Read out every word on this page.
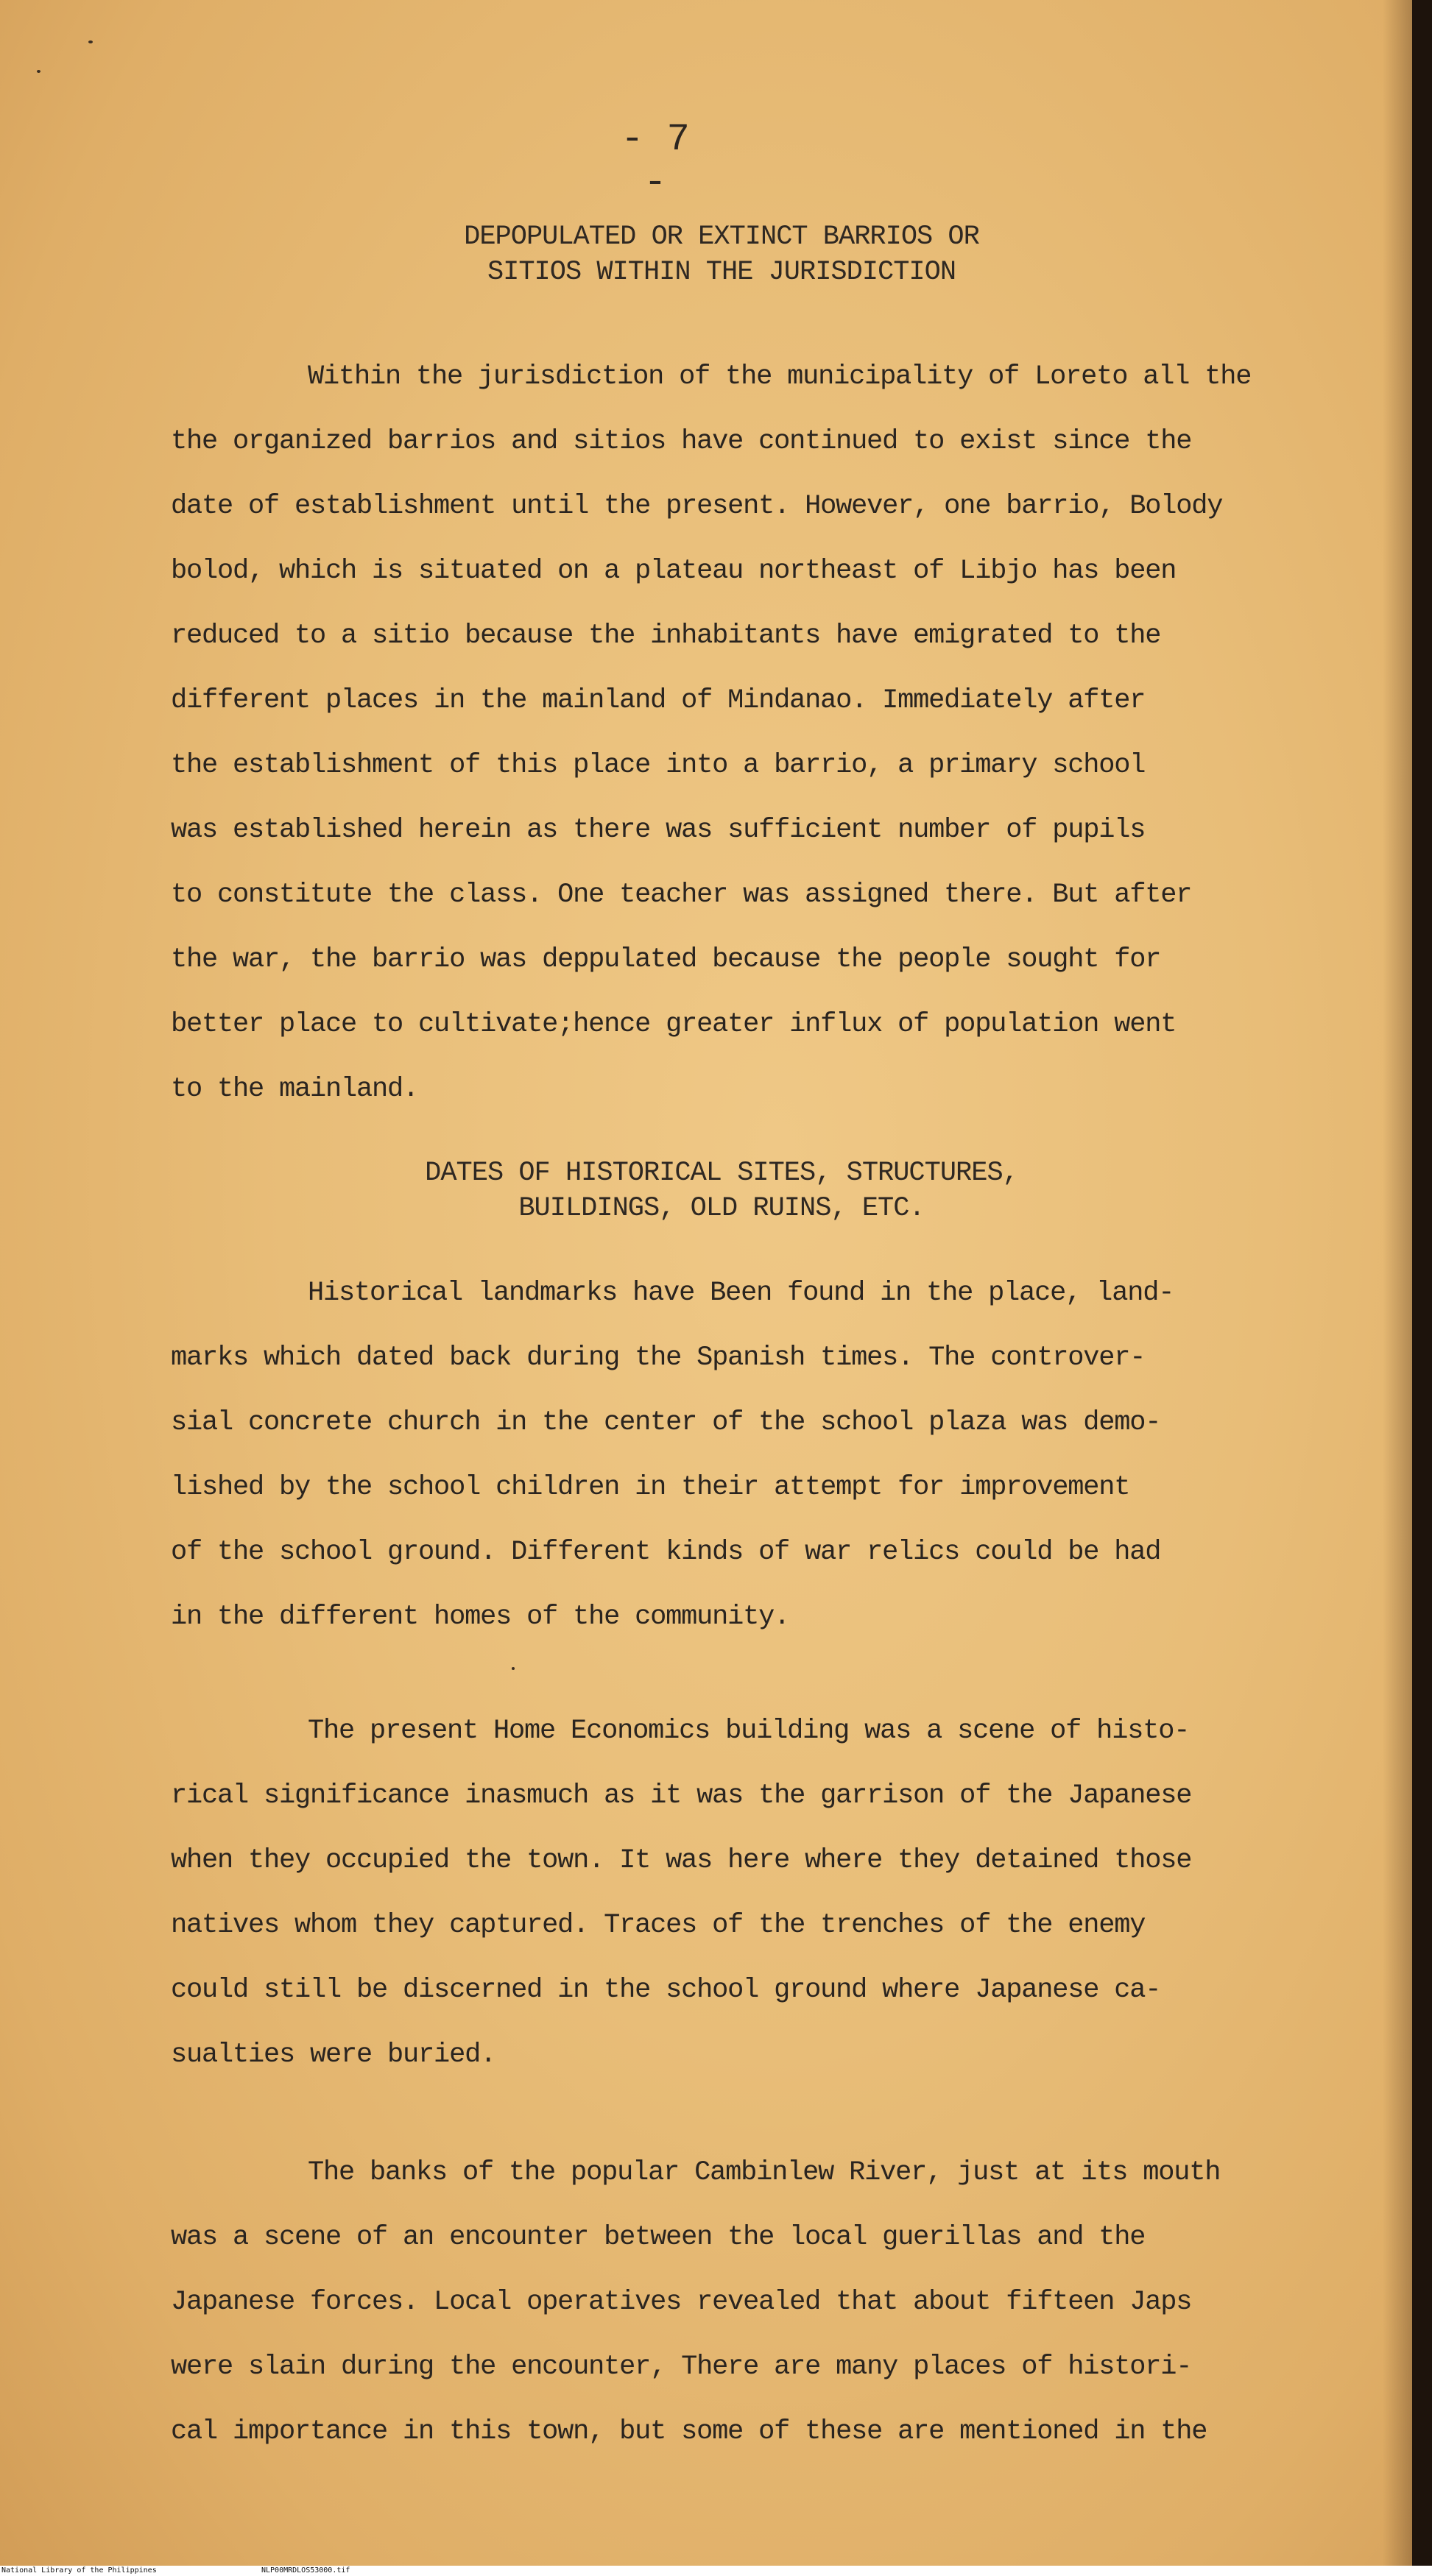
- 7 -
DEPOPULATED OR EXTINCT BARRIOS OR
SITIOS WITHIN THE JURISDICTION
Within the jurisdiction of the municipality of Loreto all the
the organized barrios and sitios have continued to exist since the
date of establishment until the present. However, one barrio, Bolody
bolod, which is situated on a plateau northeast of Libjo has been
reduced to a sitio because the inhabitants have emigrated to the
different places in the mainland of Mindanao. Immediately after
the establishment of this place into a barrio, a primary school
was established herein as there was sufficient number of pupils
to constitute the class. One teacher was assigned there. But after
the war, the barrio was deppulated because the people sought for
better place to cultivate;hence greater influx of population went
to the mainland.
DATES OF HISTORICAL SITES, STRUCTURES,
BUILDINGS, OLD RUINS, ETC.
Historical landmarks have Been found in the place, land-
marks which dated back during the Spanish times. The controver-
sial concrete church in the center of the school plaza was demo-
lished by the school children in their attempt for improvement
of the school ground. Different kinds of war relics could be had
in the different homes of the community.
The present Home Economics building was a scene of histo-
rical significance inasmuch as it was the garrison of the Japanese
when they occupied the town. It was here where they detained those
natives whom they captured. Traces of the trenches of the enemy
could still be discerned in the school ground where Japanese ca-
sualties were buried.
The banks of the popular Cambinlew River, just at its mouth
was a scene of an encounter between the local guerillas and the
Japanese forces. Local operatives revealed that about fifteen Japs
were slain during the encounter, There are many places of histori-
cal importance in this town, but some of these are mentioned in the
National Library of the Philippines	NLP00MRDLOS53000.tif
